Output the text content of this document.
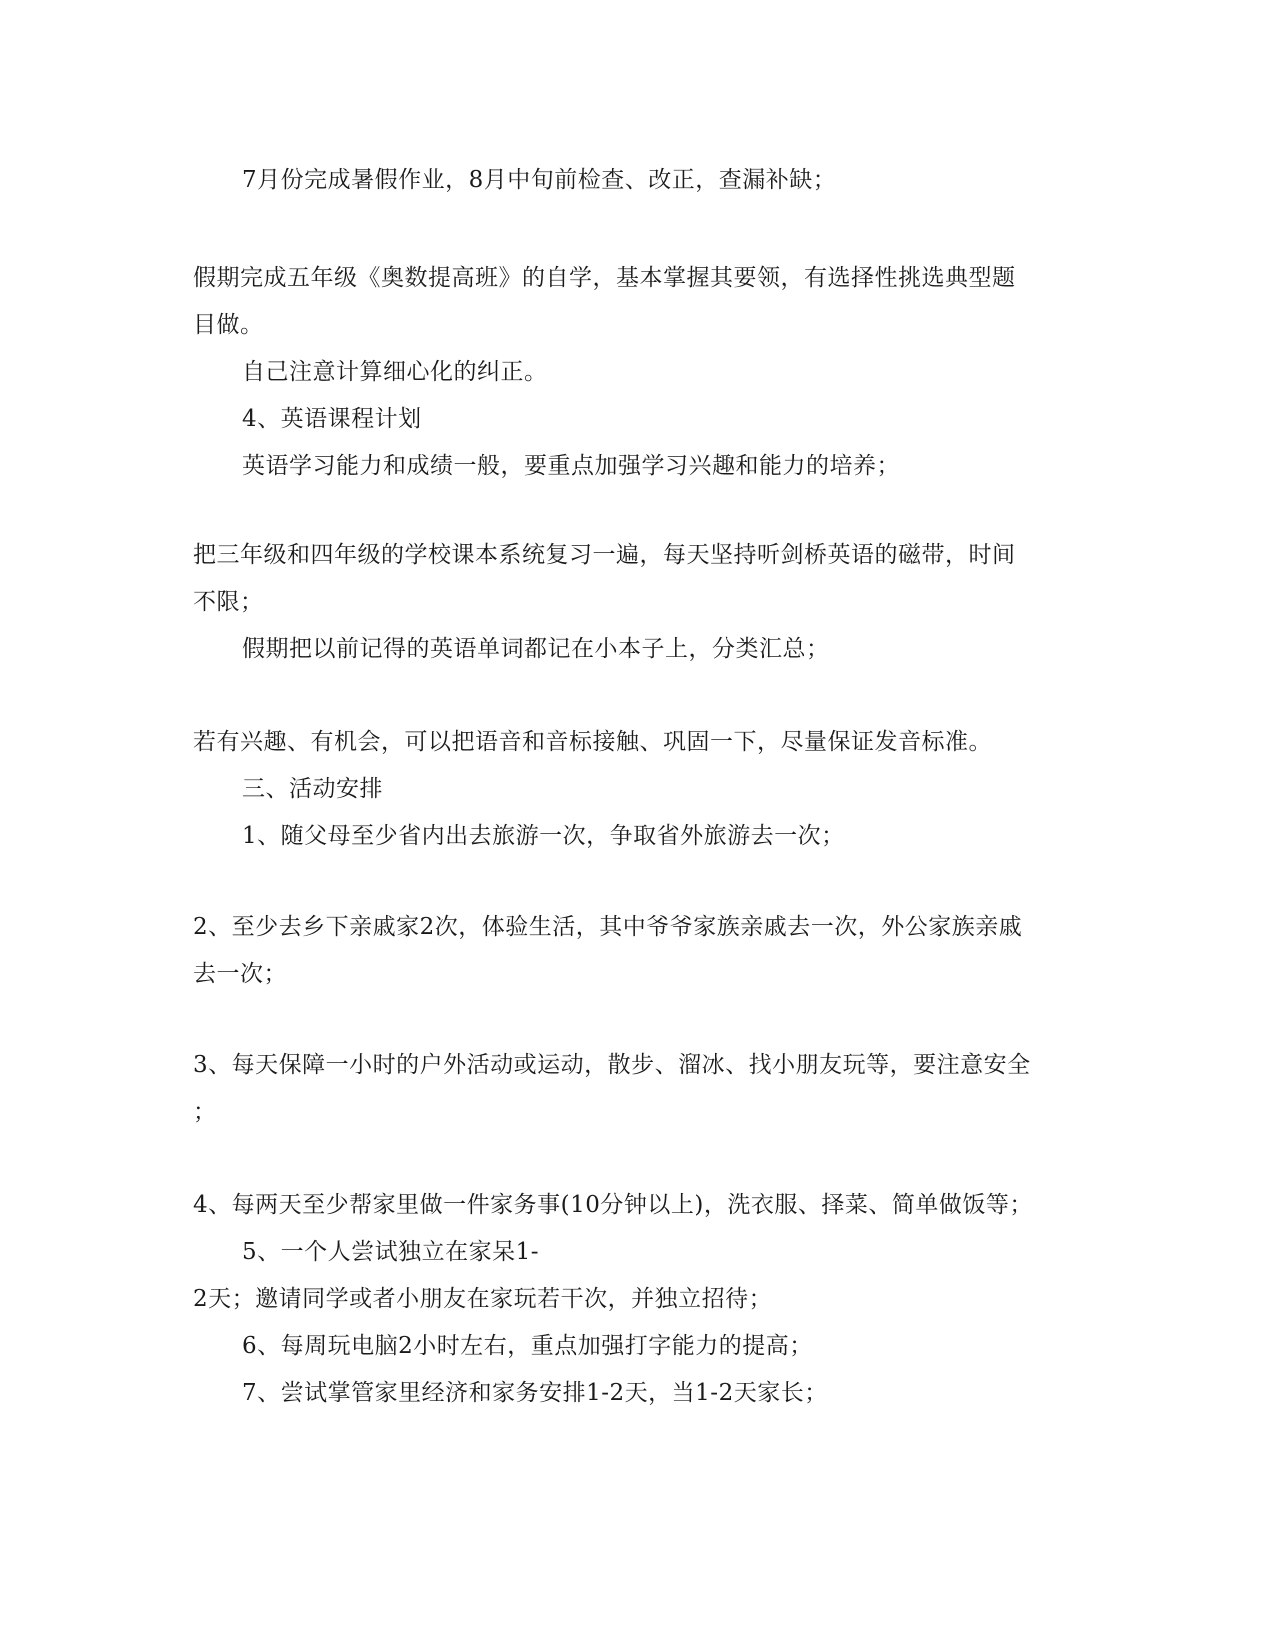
7月份完成暑假作业，8月中旬前检查、改正，查漏补缺；
假期完成五年级《奥数提高班》的自学，基本掌握其要领，有选择性挑选典型题
目做。
自己注意计算细心化的纠正。
4、英语课程计划
英语学习能力和成绩一般，要重点加强学习兴趣和能力的培养；
把三年级和四年级的学校课本系统复习一遍，每天坚持听剑桥英语的磁带，时间
不限；
假期把以前记得的英语单词都记在小本子上，分类汇总；
若有兴趣、有机会，可以把语音和音标接触、巩固一下，尽量保证发音标准。
三、活动安排
1、随父母至少省内出去旅游一次，争取省外旅游去一次；
2、至少去乡下亲戚家2次，体验生活，其中爷爷家族亲戚去一次，外公家族亲戚
去一次；
3、每天保障一小时的户外活动或运动，散步、溜冰、找小朋友玩等，要注意安全
；
4、每两天至少帮家里做一件家务事(10分钟以上)，洗衣服、择菜、简单做饭等；
5、一个人尝试独立在家呆1-
2天；邀请同学或者小朋友在家玩若干次，并独立招待；
6、每周玩电脑2小时左右，重点加强打字能力的提高；
7、尝试掌管家里经济和家务安排1-2天，当1-2天家长；
